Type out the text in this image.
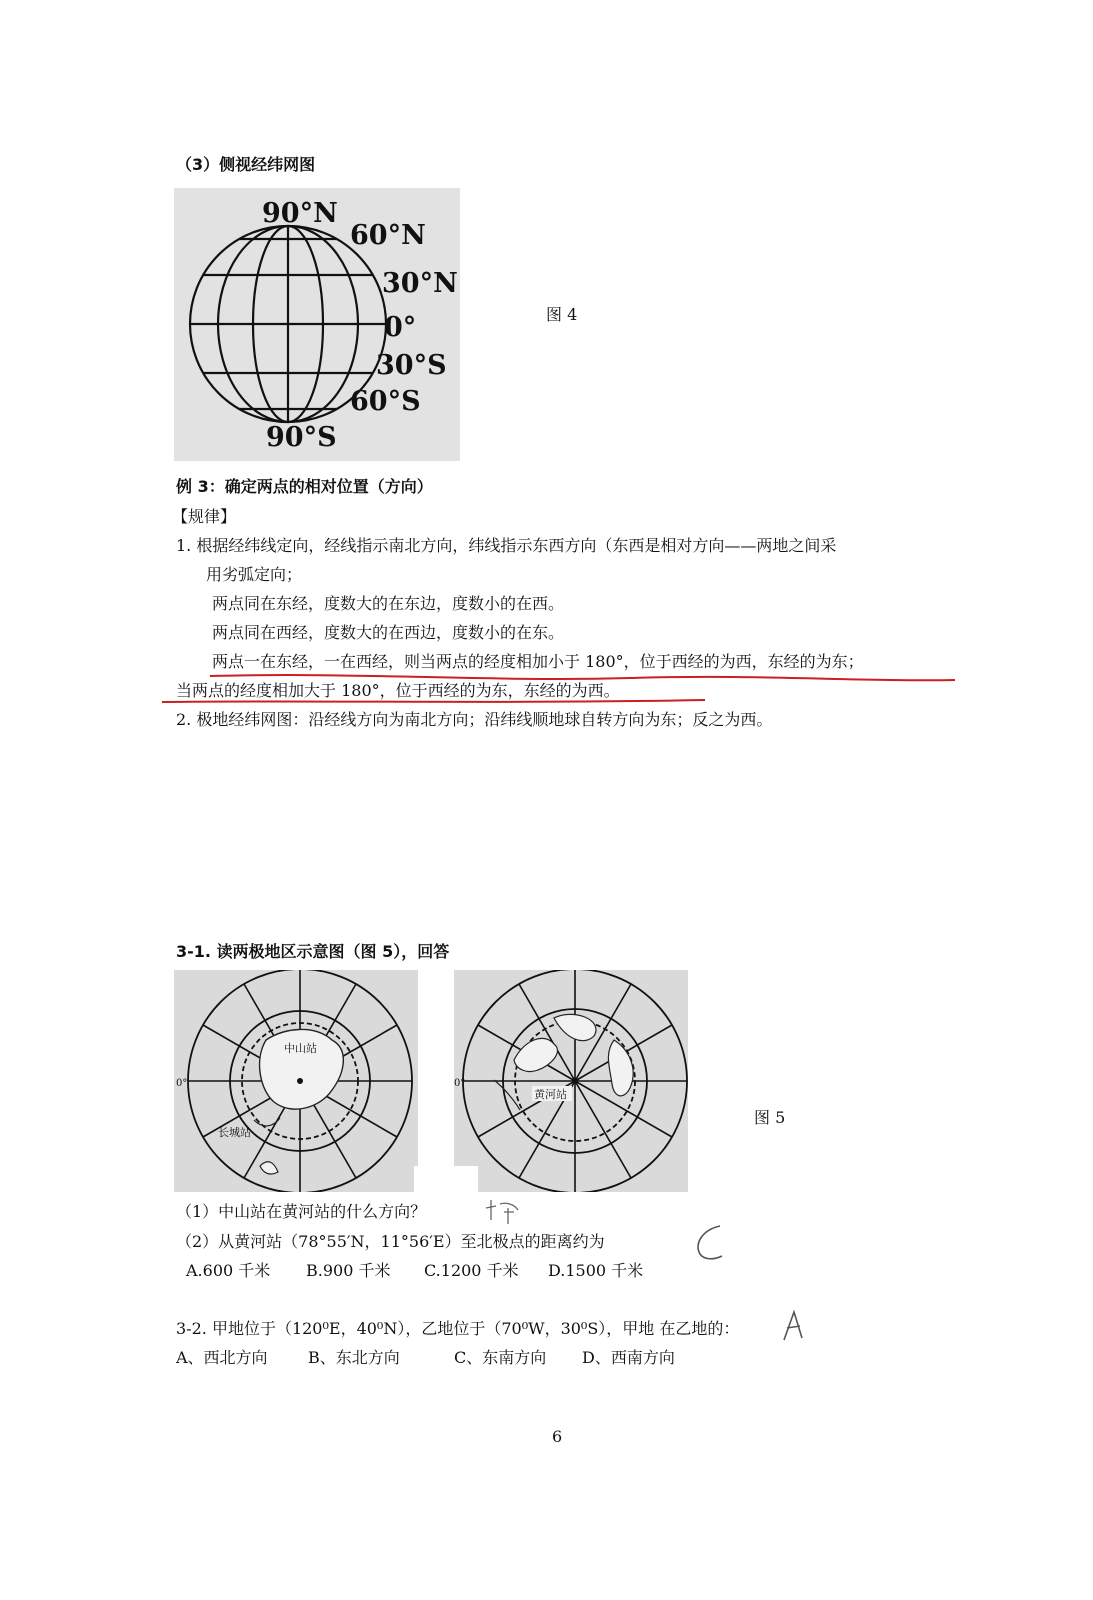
（3）侧视经纬网图
90°N
60°N
30°N
0°
30°S
60°S
90°S
图 4
例 3：确定两点的相对位置（方向）
【规律】
1. 根据经纬线定向，经线指示南北方向，纬线指示东西方向（东西是相对方向——两地之间采
用劣弧定向；
两点同在东经，度数大的在东边，度数小的在西。
两点同在西经，度数大的在西边，度数小的在东。
两点一在东经，一在西经，则当两点的经度相加小于 180°，位于西经的为西，东经的为东；
当两点的经度相加大于 180°，位于西经的为东，东经的为西。
2. 极地经纬网图：沿经线方向为南北方向；沿纬线顺地球自转方向为东；反之为西。
3-1. 读两极地区示意图（图 5），回答
0°
中山站
长城站
0°
黄河站
图 5
（1）中山站在黄河站的什么方向？
（2）从黄河站（78°55′N，11°56′E）至北极点的距离约为
A.600 千米 B.900 千米 C.1200 千米 D.1500 千米
3-2. 甲地位于（120⁰E，40⁰N），乙地位于（70⁰W，30⁰S），甲地 在乙地的：
A、西北方向	B、东北方向	C、东南方向 D、西南方向
6
